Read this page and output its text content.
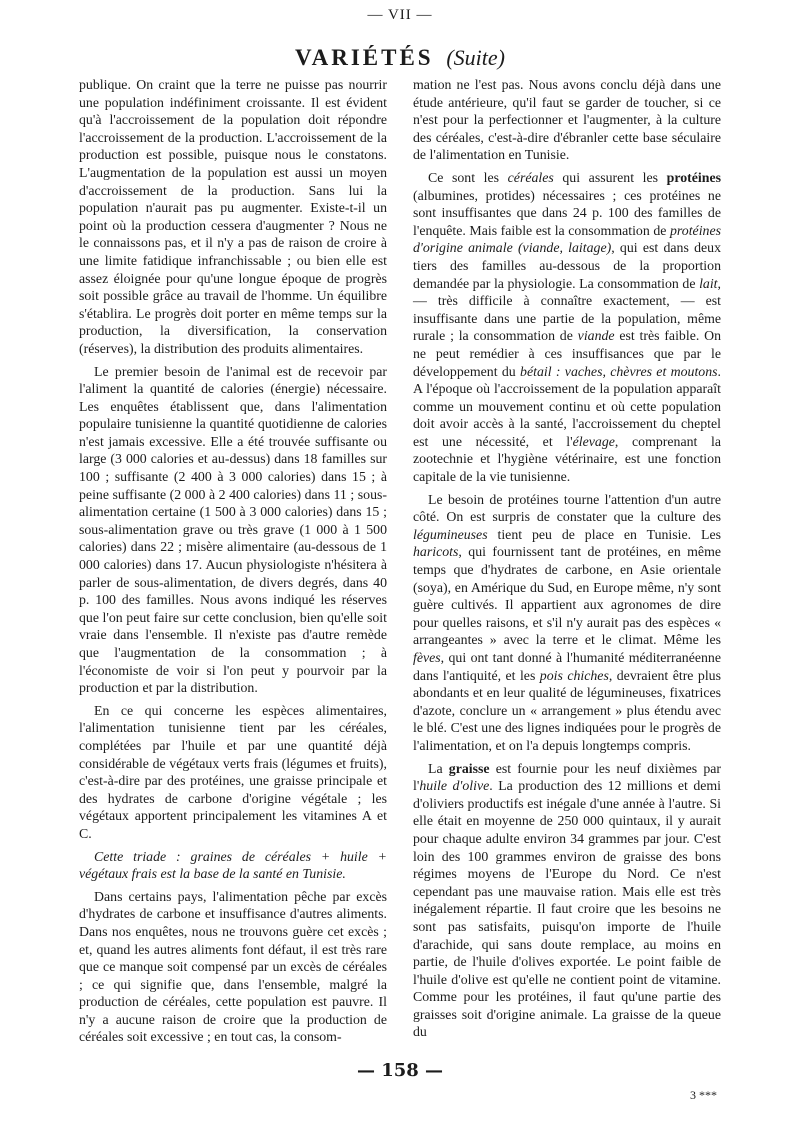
— VII —
VARIÉTÉS (Suite)

publique. On craint que la terre ne puisse pas nourrir une population indéfiniment croissante. Il est évident qu'à l'accroissement de la population doit répondre l'accroissement de la production. L'accroissement de la production est possible, puisque nous le constatons. L'augmentation de la population est aussi un moyen d'accroissement de la production. Sans lui la population n'aurait pas pu augmenter. Existe-t-il un point où la production cessera d'augmenter ? Nous ne le connaissons pas, et il n'y a pas de raison de croire à une limite fatidique infranchissable ; ou bien elle est assez éloignée pour qu'une longue époque de progrès soit possible grâce au travail de l'homme. Un équilibre s'établira. Le progrès doit porter en même temps sur la production, la diversification, la conservation (réserves), la distribution des produits alimentaires.

Le premier besoin de l'animal est de recevoir par l'aliment la quantité de calories (énergie) nécessaire. Les enquêtes établissent que, dans l'alimentation populaire tunisienne la quantité quotidienne de calories n'est jamais excessive. Elle a été trouvée suffisante ou large (3 000 calories et au-dessus) dans 18 familles sur 100 ; suffisante (2 400 à 3 000 calories) dans 15 ; à peine suffisante (2 000 à 2 400 calories) dans 11 ; sous-alimentation certaine (1 500 à 3 000 calories) dans 15 ; sous-alimentation grave ou très grave (1 000 à 1 500 calories) dans 22 ; misère alimentaire (au-dessous de 1 000 calories) dans 17. Aucun physiologiste n'hésitera à parler de sous-alimentation, de divers degrés, dans 40 p. 100 des familles. Nous avons indiqué les réserves que l'on peut faire sur cette conclusion, bien qu'elle soit vraie dans l'ensemble. Il n'existe pas d'autre remède que l'augmentation de la consommation ; à l'économiste de voir si l'on peut y pourvoir par la production et par la distribution.

En ce qui concerne les espèces alimentaires, l'alimentation tunisienne tient par les céréales, complétées par l'huile et par une quantité déjà considérable de végétaux verts frais (légumes et fruits), c'est-à-dire par des protéines, une graisse principale et des hydrates de carbone d'origine végétale ; les végétaux apportent principalement les vitamines A et C.

Cette triade : graines de céréales + huile + végétaux frais est la base de la santé en Tunisie.

Dans certains pays, l'alimentation pêche par excès d'hydrates de carbone et insuffisance d'autres aliments. Dans nos enquêtes, nous ne trouvons guère cet excès ; et, quand les autres aliments font défaut, il est très rare que ce manque soit compensé par un excès de céréales ; ce qui signifie que, dans l'ensemble, malgré la production de céréales, cette population est pauvre. Il n'y a aucune raison de croire que la production de céréales soit excessive ; en tout cas, la consom-

mation ne l'est pas. Nous avons conclu déjà dans une étude antérieure, qu'il faut se garder de toucher, si ce n'est pour la perfectionner et l'augmenter, à la culture des céréales, c'est-à-dire d'ébranler cette base séculaire de l'alimentation en Tunisie.

Ce sont les céréales qui assurent les protéines (albumines, protides) nécessaires ; ces protéines ne sont insuffisantes que dans 24 p. 100 des familles de l'enquête. Mais faible est la consommation de protéines d'origine animale (viande, laitage), qui est dans deux tiers des familles au-dessous de la proportion demandée par la physiologie. La consommation de lait, — très difficile à connaître exactement, — est insuffisante dans une partie de la population, même rurale ; la consommation de viande est très faible. On ne peut remédier à ces insuffisances que par le développement du bétail : vaches, chèvres et moutons. A l'époque où l'accroissement de la population apparaît comme un mouvement continu et où cette population doit avoir accès à la santé, l'accroissement du cheptel est une nécessité, et l'élevage, comprenant la zootechnie et l'hygiène vétérinaire, est une fonction capitale de la vie tunisienne.

Le besoin de protéines tourne l'attention d'un autre côté. On est surpris de constater que la culture des légumineuses tient peu de place en Tunisie. Les haricots, qui fournissent tant de protéines, en même temps que d'hydrates de carbone, en Asie orientale (soya), en Amérique du Sud, en Europe même, n'y sont guère cultivés. Il appartient aux agronomes de dire pour quelles raisons, et s'il n'y aurait pas des espèces « arrangeantes » avec la terre et le climat. Même les fèves, qui ont tant donné à l'humanité méditerranéenne dans l'antiquité, et les pois chiches, devraient être plus abondants et en leur qualité de légumineuses, fixatrices d'azote, conclure un « arrangement » plus étendu avec le blé. C'est une des lignes indiquées pour le progrès de l'alimentation, et on l'a depuis longtemps compris.

La graisse est fournie pour les neuf dixièmes par l'huile d'olive. La production des 12 millions et demi d'oliviers productifs est inégale d'une année à l'autre. Si elle était en moyenne de 250 000 quintaux, il y aurait pour chaque adulte environ 34 grammes par jour. C'est loin des 100 grammes environ de graisse des bons régimes moyens de l'Europe du Nord. Ce n'est cependant pas une mauvaise ration. Mais elle est très inégalement répartie. Il faut croire que les besoins ne sont pas satisfaits, puisqu'on importe de l'huile d'arachide, qui sans doute remplace, au moins en partie, de l'huile d'olives exportée. Le point faible de l'huile d'olive est qu'elle ne contient point de vitamine. Comme pour les protéines, il faut qu'une partie des graisses soit d'origine animale. La graisse de la queue du

— 158 —
3 ***
